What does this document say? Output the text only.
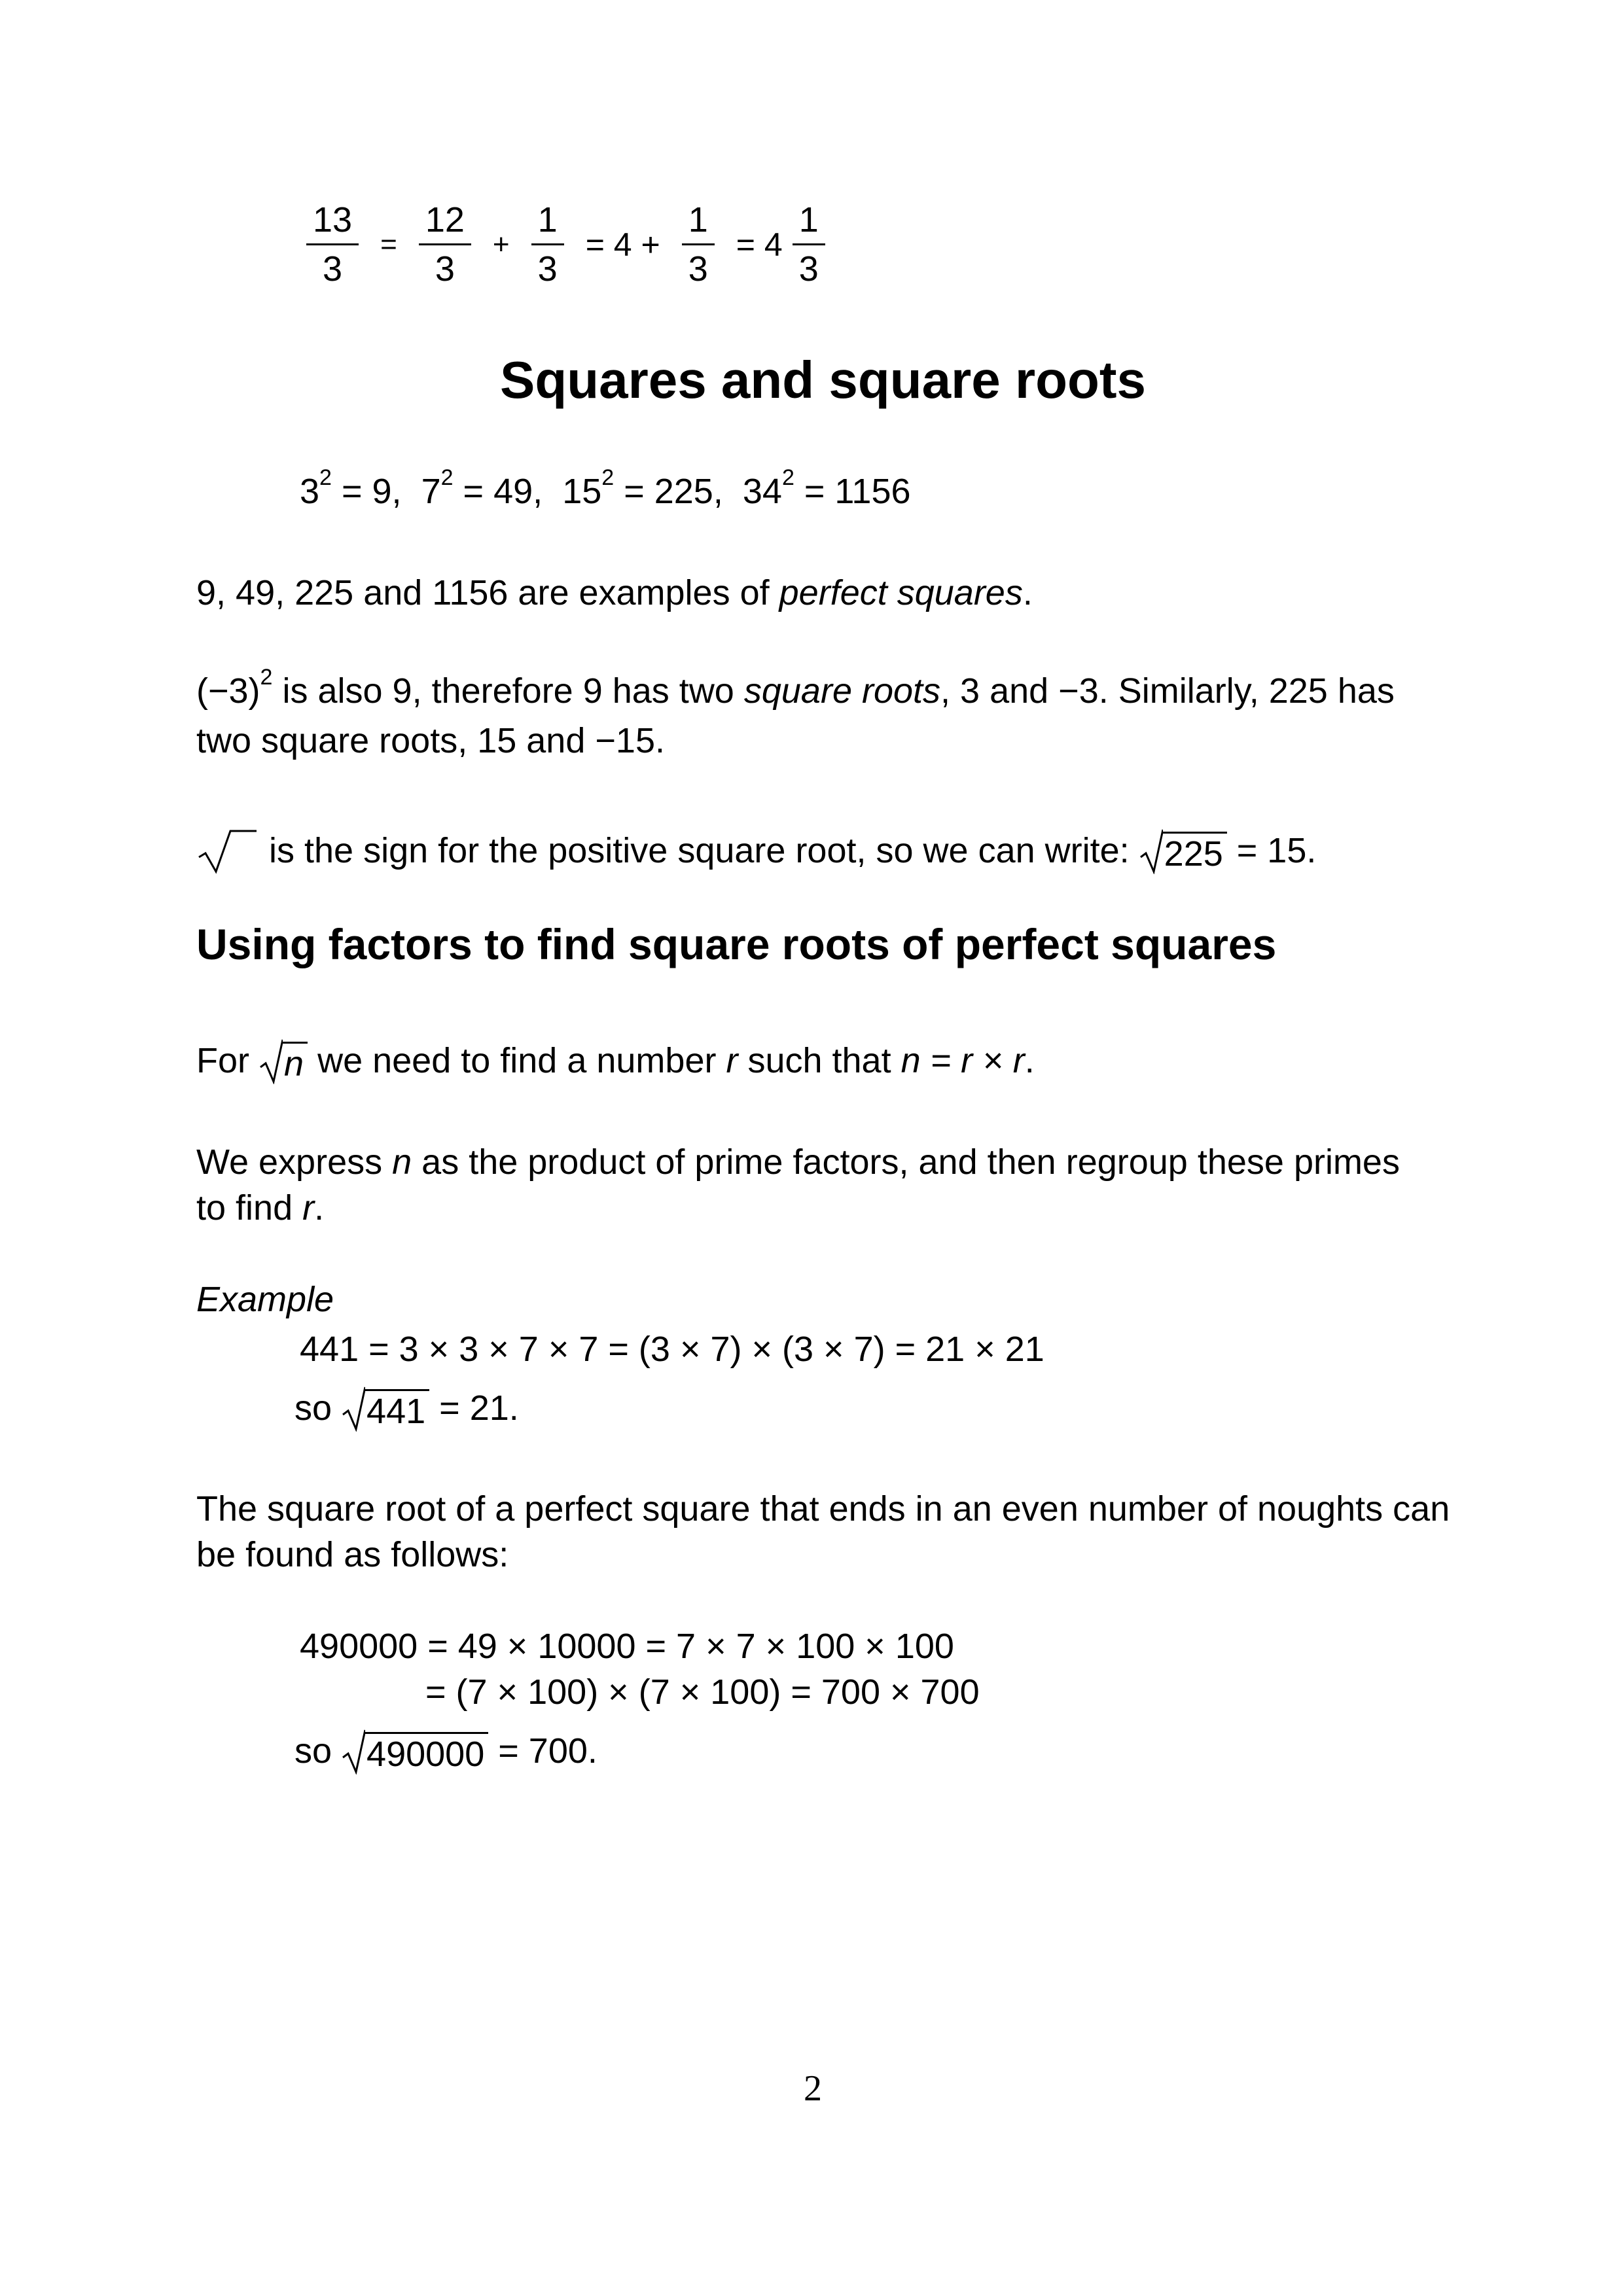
$\frac{13}{3} = \frac{12}{3} + \frac{1}{3} = 4 + \frac{1}{3} = 4 \frac{1}{3}$
Squares and square roots
$3^2 = 9$,  $7^2 = 49$,  $15^2 = 225$,  $34^2 = 1156$
9, 49, 225 and 1156 are examples of perfect squares.
$(-3)^2$ is also 9, therefore 9 has two square roots, 3 and −3. Similarly, 225 has
two square roots, 15 and −15.
is the sign for the positive square root, so we can write: 225 = 15.
Using factors to find square roots of perfect squares
For n we need to find a number r such that n = r × r.
We express n as the product of prime factors, and then regroup these primes
to find r.
Example
441 = 3 × 3 × 7 × 7 = (3 × 7) × (3 × 7) = 21 × 21
so 441 = 21.
The square root of a perfect square that ends in an even number of noughts can
be found as follows:
490000 = 49 × 10000 = 7 × 7 × 100 × 100
= (7 × 100) × (7 × 100) = 700 × 700
so 490000 = 700.
2
